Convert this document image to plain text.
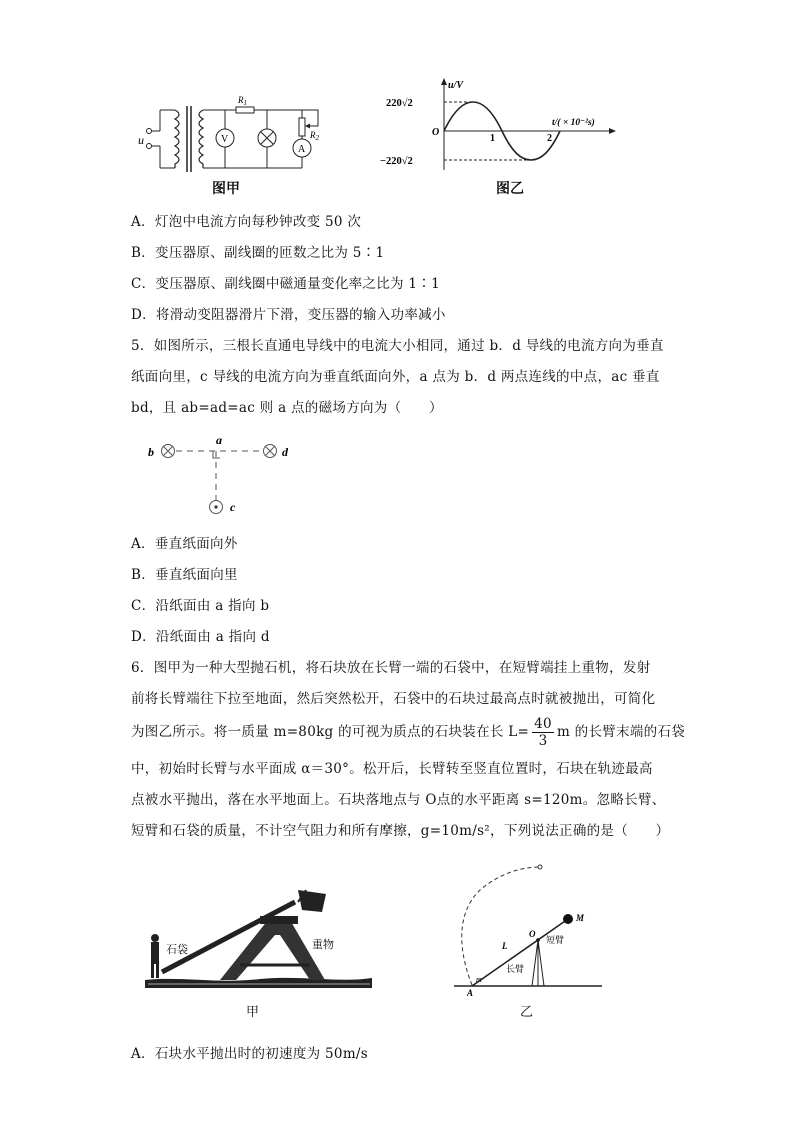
u	V
$R_1$
$R_2$
A
图甲
u/V
t/( × 10⁻²s)
O
220√2
−220√2
1	2
图乙
A．灯泡中电流方向每秒钟改变 50 次
B．变压器原、副线圈的匝数之比为 5∶1
C．变压器原、副线圈中磁通量变化率之比为 1∶1
D．将滑动变阻器滑片下滑，变压器的输入功率减小
5．如图所示，三根长直通电导线中的电流大小相同，通过 b．d 导线的电流方向为垂直
纸面向里，c 导线的电流方向为垂直纸面向外，a 点为 b．d 两点连线的中点，ac 垂直
bd，且 ab=ad=ac 则 a 点的磁场方向为（　　）
b
a
d
c
A．垂直纸面向外
B．垂直纸面向里
C．沿纸面由 a 指向 b
D．沿纸面由 a 指向 d
6．图甲为一种大型抛石机，将石块放在长臂一端的石袋中，在短臂端挂上重物，发射
前将长臂端往下拉至地面，然后突然松开，石袋中的石块过最高点时就被抛出，可简化
为图乙所示。将一质量 m=80kg 的可视为质点的石块装在长 $L= \frac{40}{3}$ m 的长臂末端的石袋
中，初始时长臂与水平面成 α＝30°。松开后，长臂转至竖直位置时，石块在轨迹最高
点被水平抛出，落在水平地面上。石块落地点与 O点的水平距离 s=120m。忽略长臂、
短臂和石袋的质量，不计空气阻力和所有摩擦，g=10m/s²，下列说法正确的是（　　）
石袋	重物
甲
M
O
短臂
L
长臂
A
m
乙
A．石块水平抛出时的初速度为 50m/s
